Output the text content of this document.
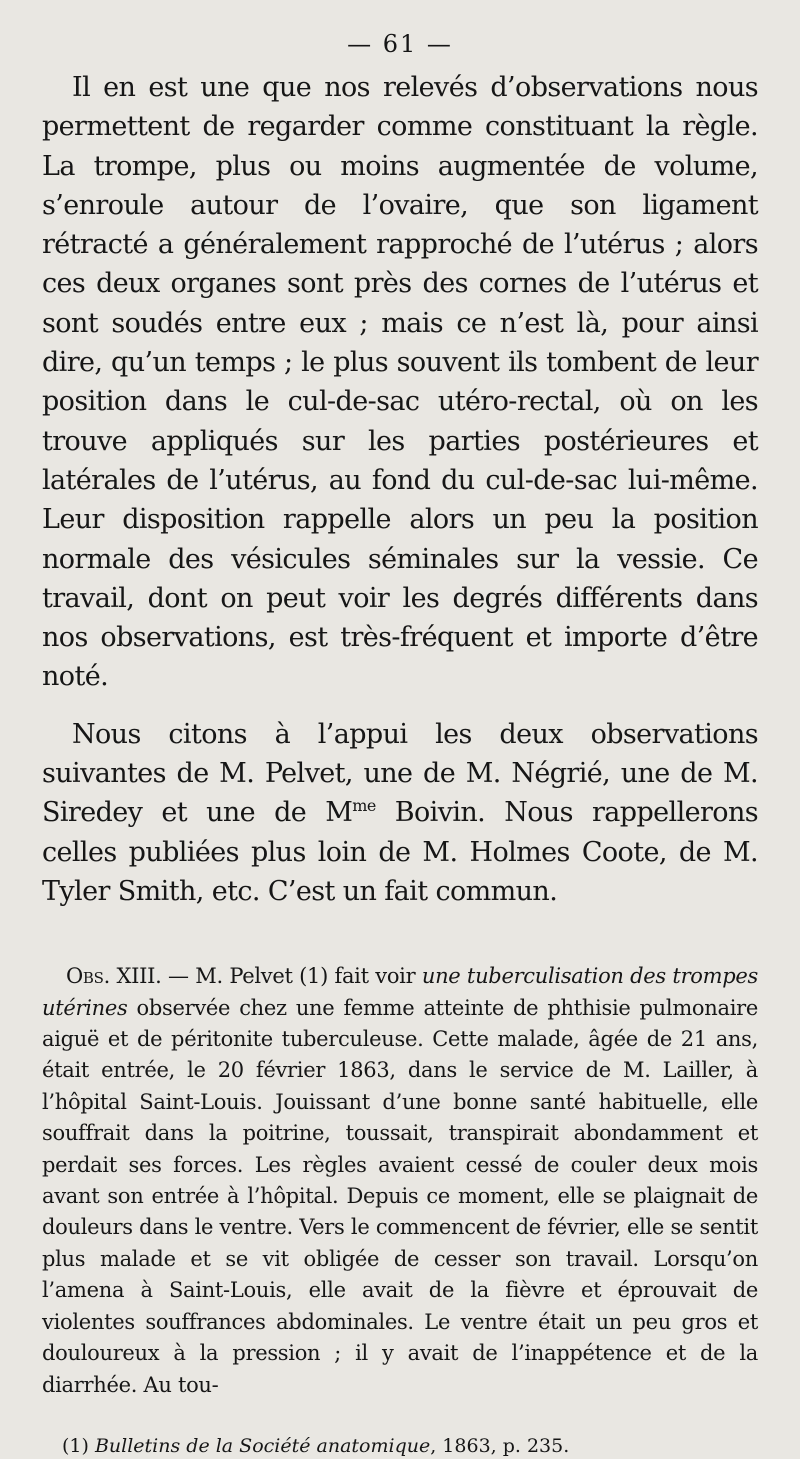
— 61 —

Il en est une que nos relevés d’observations nous permettent de regarder comme constituant la règle. La trompe, plus ou moins augmentée de volume, s’enroule autour de l’ovaire, que son ligament rétracté a généralement rapproché de l’utérus ; alors ces deux organes sont près des cornes de l’utérus et sont soudés entre eux ; mais ce n’est là, pour ainsi dire, qu’un temps ; le plus souvent ils tombent de leur position dans le cul-de-sac utéro-rectal, où on les trouve appliqués sur les parties postérieures et latérales de l’utérus, au fond du cul-de-sac lui-même. Leur disposition rappelle alors un peu la position normale des vésicules séminales sur la vessie. Ce travail, dont on peut voir les degrés différents dans nos observations, est très-fréquent et importe d’être noté.

Nous citons à l’appui les deux observations suivantes de M. Pelvet, une de M. Négrié, une de M. Siredey et une de $M^{me}$ Boivin. Nous rappellerons celles publiées plus loin de M. Holmes Coote, de M. Tyler Smith, etc. C’est un fait commun.

Obs. XIII. — M. Pelvet (1) fait voir une tuberculisation des trompes utérines observée chez une femme atteinte de phthisie pulmonaire aiguë et de péritonite tuberculeuse. Cette malade, âgée de 21 ans, était entrée, le 20 février 1863, dans le service de M. Lailler, à l’hôpital Saint-Louis. Jouissant d’une bonne santé habituelle, elle souffrait dans la poitrine, toussait, transpirait abondamment et perdait ses forces. Les règles avaient cessé de couler deux mois avant son entrée à l’hôpital. Depuis ce moment, elle se plaignait de douleurs dans le ventre. Vers le commencent de février, elle se sentit plus malade et se vit obligée de cesser son travail. Lorsqu’on l’amena à Saint-Louis, elle avait de la fièvre et éprouvait de violentes souffrances abdominales. Le ventre était un peu gros et douloureux à la pression ; il y avait de l’inappétence et de la diarrhée. Au tou-

(1) Bulletins de la Société anatomique, 1863, p. 235.
